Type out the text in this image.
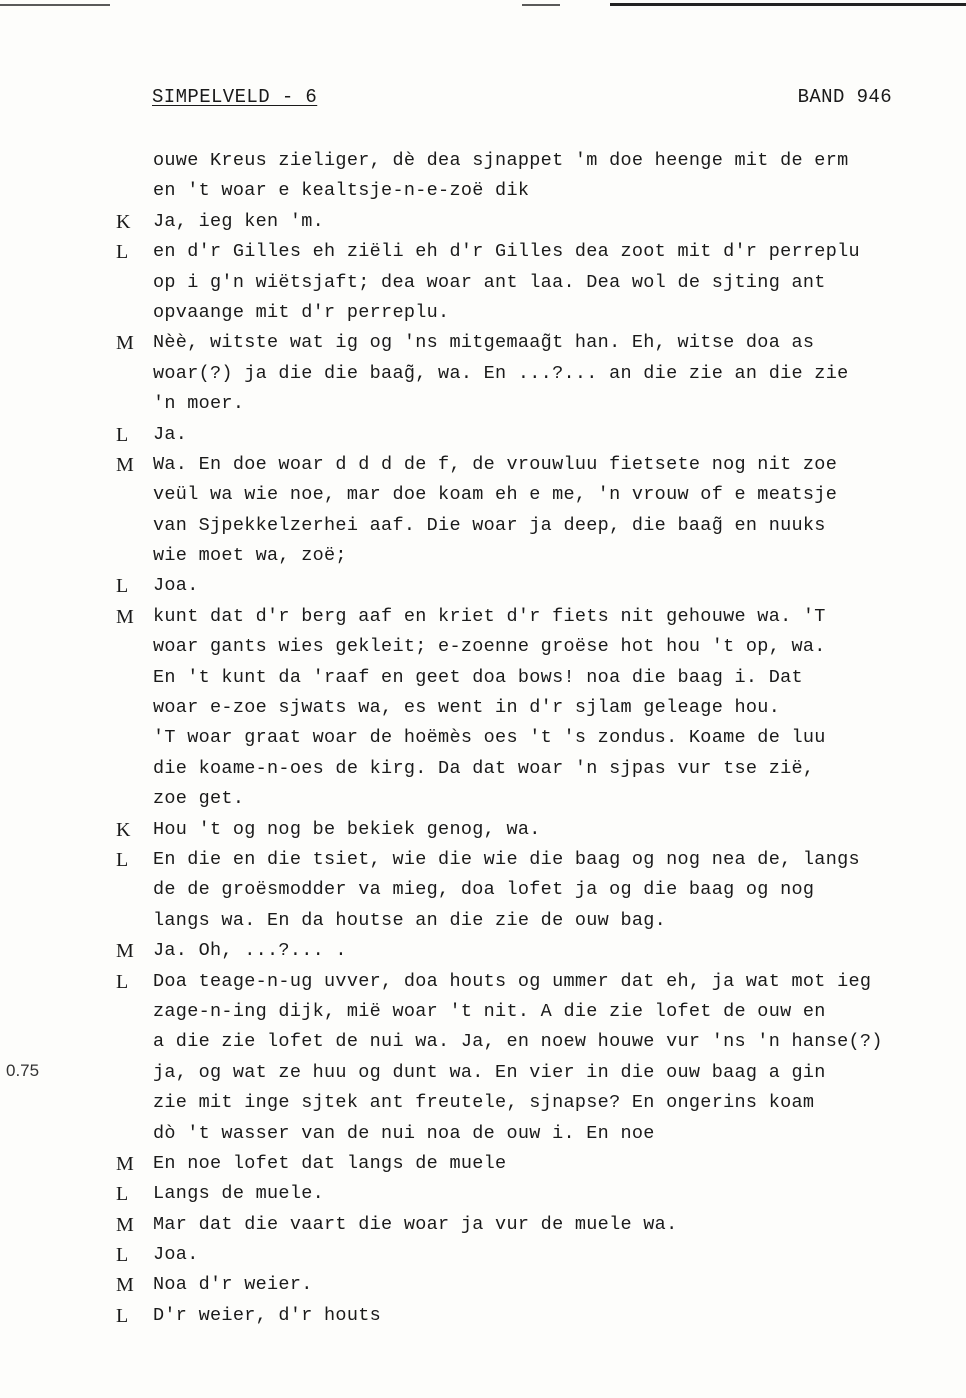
SIMPELVELD - 6	BAND 946
0.75
ouwe Kreus zieliger, dè dea sjnappet 'm doe heenge mit de erm
en 't woar e kealtsje-n-e-zoë dik
K Ja, ieg ken 'm.
L en d'r Gilles eh ziëli eh d'r Gilles dea zoot mit d'r perreplu
op i g'n wiëtsjaft; dea woar ant laa. Dea wol de sjting ant
opvaange mit d'r perreplu.
M Nèè, witste wat ig og 'ns mitgemaag̃t han. Eh, witse doa as
woar(?) ja die die baag̃, wa. En ...?... an die zie an die zie
'n moer.
L Ja.
M Wa. En doe woar d d d de f, de vrouwluu fietsete nog nit zoe
veül wa wie noe, mar doe koam eh e me, 'n vrouw of e meatsje
van Sjpekkelzerhei aaf. Die woar ja deep, die baag̃ en nuuks
wie moet wa, zoë;
L Joa.
M kunt dat d'r berg aaf en kriet d'r fiets nit gehouwe wa. 'T
woar gants wies gekleit; e-zoenne groëse hot hou 't op, wa.
En 't kunt da 'raaf en geet doa bows! noa die baag i. Dat
woar e-zoe sjwats wa, es went in d'r sjlam geleage hou.
'T woar graat woar de hoëmès oes 't 's zondus. Koame de luu
die koame-n-oes de kirg. Da dat woar 'n sjpas vur tse zië,
zoe get.
K Hou 't og nog be bekiek genog, wa.
L En die en die tsiet, wie die wie die baag og nog nea de, langs
de de groësmodder va mieg, doa lofet ja og die baag og nog
langs wa. En da houtse an die zie de ouw bag.
M Ja. Oh, ...?... .
L Doa teage-n-ug uvver, doa houts og ummer dat eh, ja wat mot ieg
zage-n-ing dijk, mië woar 't nit. A die zie lofet de ouw en
a die zie lofet de nui wa. Ja, en noew houwe vur 'ns 'n hanse(?)
ja, og wat ze huu og dunt wa. En vier in die ouw baag a gin
zie mit inge sjtek ant freutele, sjnapse? En ongerins koam
dò 't wasser van de nui noa de ouw i. En noe
M En noe lofet dat langs de muele
L Langs de muele.
M Mar dat die vaart die woar ja vur de muele wa.
L Joa.
M Noa d'r weier.
L D'r weier, d'r houts
